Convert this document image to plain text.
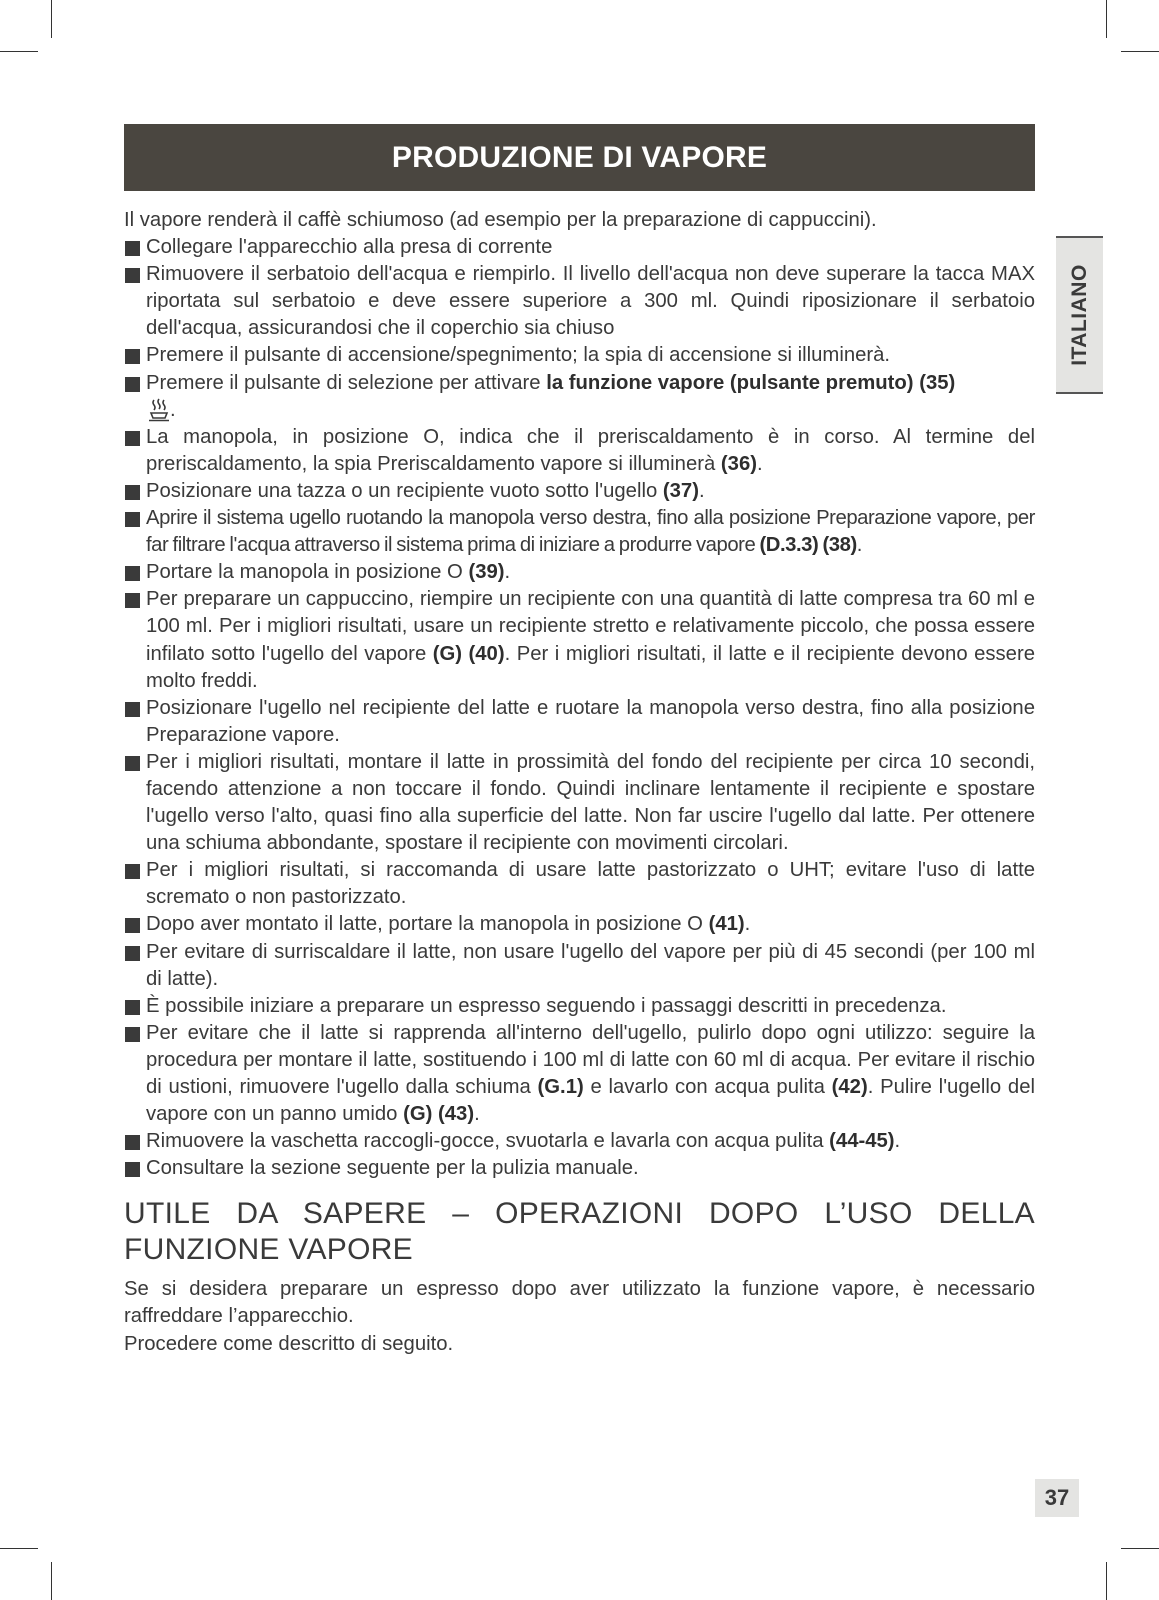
PRODUZIONE DI VAPORE
ITALIANO

Il vapore renderà il caffè schiumoso (ad esempio per la preparazione di cappuccini).

Collegare l'apparecchio alla presa di corrente
Rimuovere il serbatoio dell'acqua e riempirlo. Il livello dell'acqua non deve superare la tacca MAX riportata sul serbatoio e deve essere superiore a 300 ml. Quindi riposizionare il serbatoio dell'acqua, assicurandosi che il coperchio sia chiuso
Premere il pulsante di accensione/spegnimento; la spia di accensione si illuminerà.
Premere il pulsante di selezione per attivare la funzione vapore (pulsante premuto) (35)
.
La manopola, in posizione O, indica che il preriscaldamento è in corso. Al termine del preriscaldamento, la spia Preriscaldamento vapore si illuminerà (36).
Posizionare una tazza o un recipiente vuoto sotto l'ugello (37).
Aprire il sistema ugello ruotando la manopola verso destra, fino alla posizione Preparazione vapore, per far filtrare l'acqua attraverso il sistema prima di iniziare a produrre vapore (D.3.3) (38).
Portare la manopola in posizione O (39).
Per preparare un cappuccino, riempire un recipiente con una quantità di latte compresa tra 60 ml e 100 ml. Per i migliori risultati, usare un recipiente stretto e relativamente piccolo, che possa essere infilato sotto l'ugello del vapore (G) (40). Per i migliori risultati, il latte e il recipiente devono essere molto freddi.
Posizionare l'ugello nel recipiente del latte e ruotare la manopola verso destra, fino alla posizione Preparazione vapore.
Per i migliori risultati, montare il latte in prossimità del fondo del recipiente per circa 10 secondi, facendo attenzione a non toccare il fondo. Quindi inclinare lentamente il recipiente e spostare l'ugello verso l'alto, quasi fino alla superficie del latte. Non far uscire l'ugello dal latte. Per ottenere una schiuma abbondante, spostare il recipiente con movimenti circolari.
Per i migliori risultati, si raccomanda di usare latte pastorizzato o UHT; evitare l'uso di latte scremato o non pastorizzato.
Dopo aver montato il latte, portare la manopola in posizione O (41).
Per evitare di surriscaldare il latte, non usare l'ugello del vapore per più di 45 secondi (per 100 ml di latte).
È possibile iniziare a preparare un espresso seguendo i passaggi descritti in precedenza.
Per evitare che il latte si rapprenda all'interno dell'ugello, pulirlo dopo ogni utilizzo: seguire la procedura per montare il latte, sostituendo i 100 ml di latte con 60 ml di acqua. Per evitare il rischio di ustioni, rimuovere l'ugello dalla schiuma (G.1) e lavarlo con acqua pulita (42). Pulire l'ugello del vapore con un panno umido (G) (43).
Rimuovere la vaschetta raccogli-gocce, svuotarla e lavarla con acqua pulita (44-45).
Consultare la sezione seguente per la pulizia manuale.
UTILE DA SAPERE – OPERAZIONI DOPO L’USO DELLA
FUNZIONE VAPORE

Se si desidera preparare un espresso dopo aver utilizzato la funzione vapore, è necessario raffreddare l’apparecchio.

Procedere come descritto di seguito.

37
